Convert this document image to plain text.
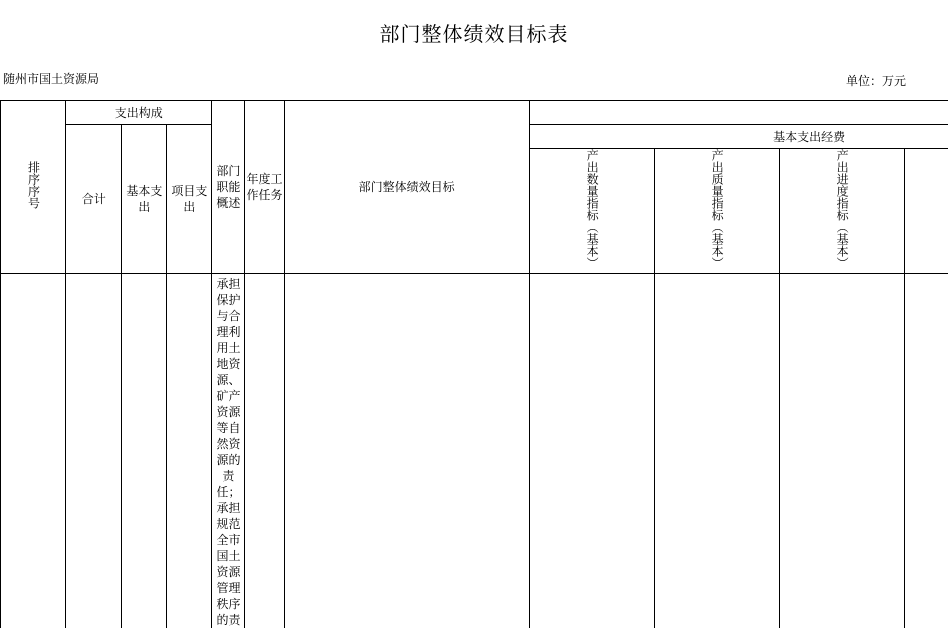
部门整体绩效目标表
随州市国土资源局	单位：万元
排序序号	支出构成			部门职能概述	年度工作任务	部门整体绩效目标		
	合计	基本支出	项目支出				基本支出经费		
							产出数量指标（基本）	产出质量指标（基本）	产出进度指标（基本）									

				承担保护与合理利用土地资源、矿产资源等自然资源的责任；承担规范全市国土资源管理秩序的责															
